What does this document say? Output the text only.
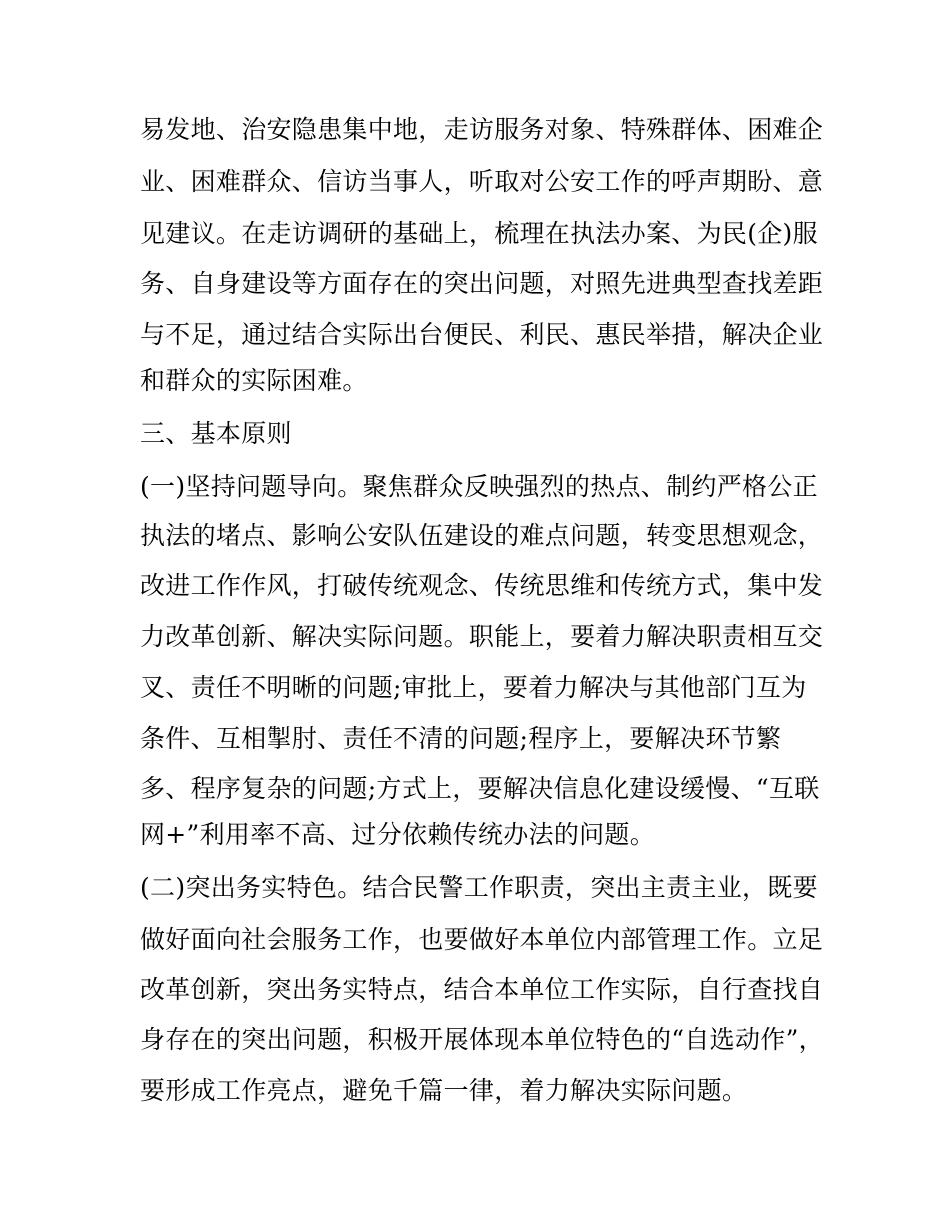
易发地、治安隐患集中地，走访服务对象、特殊群体、困难企
业、困难群众、信访当事人，听取对公安工作的呼声期盼、意
见建议。在走访调研的基础上，梳理在执法办案、为民(企)服
务、自身建设等方面存在的突出问题，对照先进典型查找差距
与不足，通过结合实际出台便民、利民、惠民举措，解决企业
和群众的实际困难。
三、基本原则
(一)坚持问题导向。聚焦群众反映强烈的热点、制约严格公正
执法的堵点、影响公安队伍建设的难点问题，转变思想观念，
改进工作作风，打破传统观念、传统思维和传统方式，集中发
力改革创新、解决实际问题。职能上，要着力解决职责相互交
叉、责任不明晰的问题;审批上，要着力解决与其他部门互为
条件、互相掣肘、责任不清的问题;程序上，要解决环节繁
多、程序复杂的问题;方式上，要解决信息化建设缓慢、“互联
网+”利用率不高、过分依赖传统办法的问题。
(二)突出务实特色。结合民警工作职责，突出主责主业，既要
做好面向社会服务工作，也要做好本单位内部管理工作。立足
改革创新，突出务实特点，结合本单位工作实际，自行查找自
身存在的突出问题，积极开展体现本单位特色的“自选动作”，
要形成工作亮点，避免千篇一律，着力解决实际问题。
